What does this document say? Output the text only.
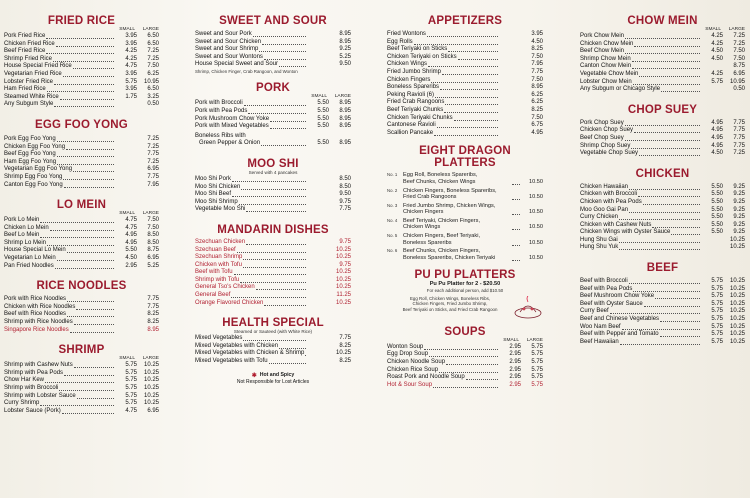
FRIED RICE
SMALL	LARGE
Pork Fried Rice	3.95	6.50
Chicken Fried Rice	3.95	6.50
Beef Fried Rice	4.25	7.25
Shrimp Fried Rice	4.25	7.25
House Special Fried Rice	4.75	7.50
Vegetarian Fried Rice	3.95	6.25
Lobster Fried Rice	5.75	10.95
Ham Fried Rice	3.95	6.50
Steamed White Rice	1.75	3.25
Any Subgum Style	0.50
EGG FOO YONG
Pork Egg Foo Yong	7.25
Chicken Egg Foo Yong	7.25
Beef Egg Foo Yong	7.75
Ham Egg Foo Yong	7.25
Vegetarian Egg Foo Yong	6.95
Shrimp Egg Foo Yong	7.75
Canton Egg Foo Yong	7.95
LO MEIN
SMALL	LARGE
Pork Lo Mein	4.75	7.50
Chicken Lo Mein	4.75	7.50
Beef Lo Mein	4.95	8.50
Shrimp Lo Mein	4.95	8.50
House Special Lo Mein	5.50	8.75
Vegetarian Lo Mein	4.50	6.95
Pan Fried Noodles	2.95	5.25
RICE NOODLES
Pork with Rice Noodles	7.75
Chicken with Rice Noodles	7.75
Beef with Rice Noodles	8.25
Shrimp with Rice Noodles	8.25
Singapore Rice Noodles	8.95
SHRIMP
SMALL	LARGE
Shrimp with Cashew Nuts	5.75	10.25
Shrimp with Pea Pods	5.75	10.25
Chow Har Kew	5.75	10.25
Shrimp with Broccoli	5.75	10.25
Shrimp with Lobster Sauce	5.75	10.25
Curry Shrimp	5.75	10.25
Lobster Sauce (Pork)	4.75	6.95
SWEET AND SOUR
Sweet and Sour Pork	8.95
Sweet and Sour Chicken	8.95
Sweet and Sour Shrimp	9.25
Sweet and Sour Wontons	5.25
House Special Sweet and Sour	9.50
Shrimp, Chicken Finger, Crab Rangoon, and Wonton
PORK
SMALL	LARGE
Pork with Broccoli	5.50	8.95
Pork with Pea Pods	5.50	8.95
Pork Mushroom Chow Yoke	5.50	8.95
Pork with Mixed Vegetables	5.50	8.95
Boneless Ribs with
Green Pepper & Onion	5.50	8.95
MOO SHI
Served with 4 pancakes
Moo Shi Pork	8.50
Moo Shi Chicken	8.50
Moo Shi Beef	9.50
Moo Shi Shrimp	9.75
Vegetable Moo Shi	7.75
MANDARIN DISHES
Szechuan Chicken	9.75
Szechuan Beef	10.25
Szechuan Shrimp	10.25
Chicken with Tofu	9.75
Beef with Tofu	10.25
Shrimp with Tofu	10.25
General Tso's Chicken	10.25
General Beef	11.25
Orange Flavored Chicken	10.25
HEALTH SPECIAL
Steamed or Sauteed (with White Rice)
Mixed Vegetables	7.75
Mixed Vegetables with Chicken	8.25
Mixed Vegetables with Chicken & Shrimp	10.25
Mixed Vegetables with Tofu	8.25
✱ Hot and Spicy
Not Responsible for Lost Articles
APPETIZERS
Fried Wontons	3.95
Egg Rolls	4.50
Beef Teriyaki on Sticks	8.25
Chicken Teriyaki on Sticks	7.50
Chicken Wings	7.95
Fried Jumbo Shrimp	7.75
Chicken Fingers	7.50
Boneless Spareribs	8.95
Peking Ravioli (6)	6.25
Fried Crab Rangoons	6.25
Beef Teriyaki Chunks	8.25
Chicken Teriyaki Chunks	7.50
Cantonese Ravioli	6.75
Scallion Pancake	4.95
EIGHT DRAGON
PLATTERS
No. 1	Egg Roll, Boneless Spareribs,
Beef Chunks, Chicken Wings	10.50
No. 2	Chicken Fingers, Boneless Spareribs,
Fried Crab Rangoons	10.50
No. 3	Fried Jumbo Shrimp, Chicken Wings,
Chicken Fingers	10.50
No. 4	Beef Teriyaki, Chicken Fingers,
Chicken Wings	10.50
No. 5	Chicken Fingers, Beef Teriyaki,
Boneless Spareribs	10.50
No. 6	Beef Chunks, Chicken Fingers,
Boneless Spareribs, Chicken Teriyaki	10.50
PU PU PLATTERS
Pu Pu Platter for 2 - $20.50
For each additional person, add $10.50
Egg Roll, Chicken Wings, Boneless Ribs,
Chicken Fingers, Fried Jumbo Shrimp,
Beef Teriyaki on Sticks, and Fried Crab Rangoon
SOUPS
SMALL	LARGE
Wonton Soup	2.95	5.75
Egg Drop Soup	2.95	5.75
Chicken Noodle Soup	2.95	5.75
Chicken Rice Soup	2.95	5.75
Roast Pork and Noodle Soup	2.95	5.75
Hot & Sour Soup	2.95	5.75
CHOW MEIN
SMALL	LARGE
Pork Chow Mein	4.25	7.25
Chicken Chow Mein	4.25	7.25
Beef Chow Mein	4.50	7.50
Shrimp Chow Mein	4.50	7.50
Canton Chow Mein	8.75
Vegetable Chow Mein	4.25	6.95
Lobster Chow Mein	5.75	10.95
Any Subgum or Chicago Style	0.50
CHOP SUEY
Pork Chop Suey	4.95	7.75
Chicken Chop Suey	4.95	7.75
Beef Chop Suey	4.95	7.75
Shrimp Chop Suey	4.95	7.75
Vegetable Chop Suey	4.50	7.25
CHICKEN
Chicken Hawaiian	5.50	9.25
Chicken with Broccoli	5.50	9.25
Chicken with Pea Pods	5.50	9.25
Moo Goo Gai Pan	5.50	9.25
Curry Chicken	5.50	9.25
Chicken with Cashew Nuts	5.50	9.25
Chicken Wings with Oyster Sauce	5.50	9.25
Hung Shu Gai	10.25
Hung Shu Yuk	10.25
BEEF
Beef with Broccoli	5.75	10.25
Beef with Pea Pods	5.75	10.25
Beef Mushroom Chow Yoke	5.75	10.25
Beef with Oyster Sauce	5.75	10.25
Curry Beef	5.75	10.25
Beef and Chinese Vegetables	5.75	10.25
Woo Nam Beef	5.75	10.25
Beef with Pepper and Tomato	5.75	10.25
Beef Hawaiian	5.75	10.25
